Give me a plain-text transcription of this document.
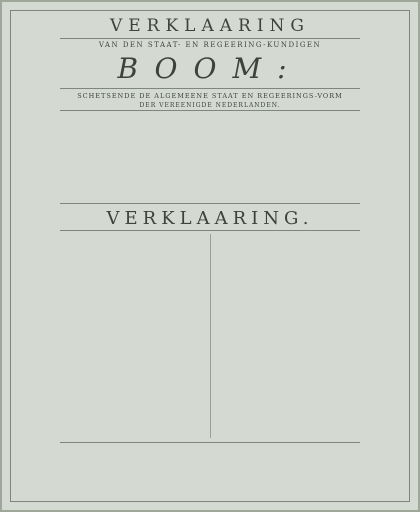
VERKLAARING
VAN DEN STAAT- EN REGEERING-KUNDIGEN
BOOM:
SCHETSENDE DE ALGEMEENE STAAT EN REGEERINGS-VORM
DER VEREENIGDE NEDERLANDEN.
VERKLAARING.
